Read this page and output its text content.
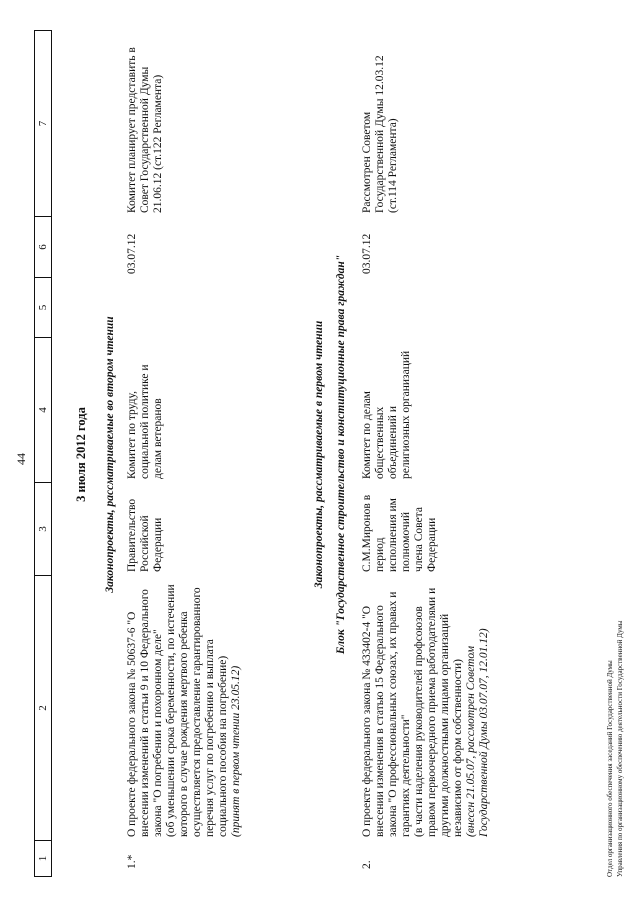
44
1
2
3
4
5
6
7
3 июля 2012 года Законопроекты, рассматриваемые во втором чтении
1.*
О проекте федерального закона № 50637-6 "О внесении изменений в статьи 9 и 10 Федерального закона "О погребении и похоронном деле" (об уменьшении срока беременности, по истечении которого в случае рождения мертвого ребенка осуществляется предоставление гарантированного перечня услуг по погребению и выплата социального пособия на погребение) (принят в первом чтении 23.05.12)
Правительство Российской Федерации
Комитет по труду, социальной политике и делам ветеранов
03.07.12
Комитет планирует представить в Совет Государственной Думы 21.06.12 (ст.122 Регламента)
Законопроекты, рассматриваемые в первом чтении Блок "Государственное строительство и конституционные права граждан"
2.
О проекте федерального закона № 433402-4 "О внесении изменения в статью 15 Федерального закона "О профессиональных союзах, их правах и гарантиях деятельности" (в части наделения руководителей профсоюзов правом первоочередного приема работодателями и другими должностными лицами организаций независимо от форм собственности) (внесен 21.05.07, рассмотрен Советом Государственной Думы 03.07.07, 12.01.12)
С.М.Миронов в период исполнения им полномочий члена Совета Федерации
Комитет по делам общественных объединений и религиозных организаций
03.07.12
Рассмотрен Советом Государственной Думы 12.03.12 (ст.114 Регламента)
Отдел организационного обеспечения заседаний Государственной Думы Управления по организационному обеспечению деятельности Государственной Думы
